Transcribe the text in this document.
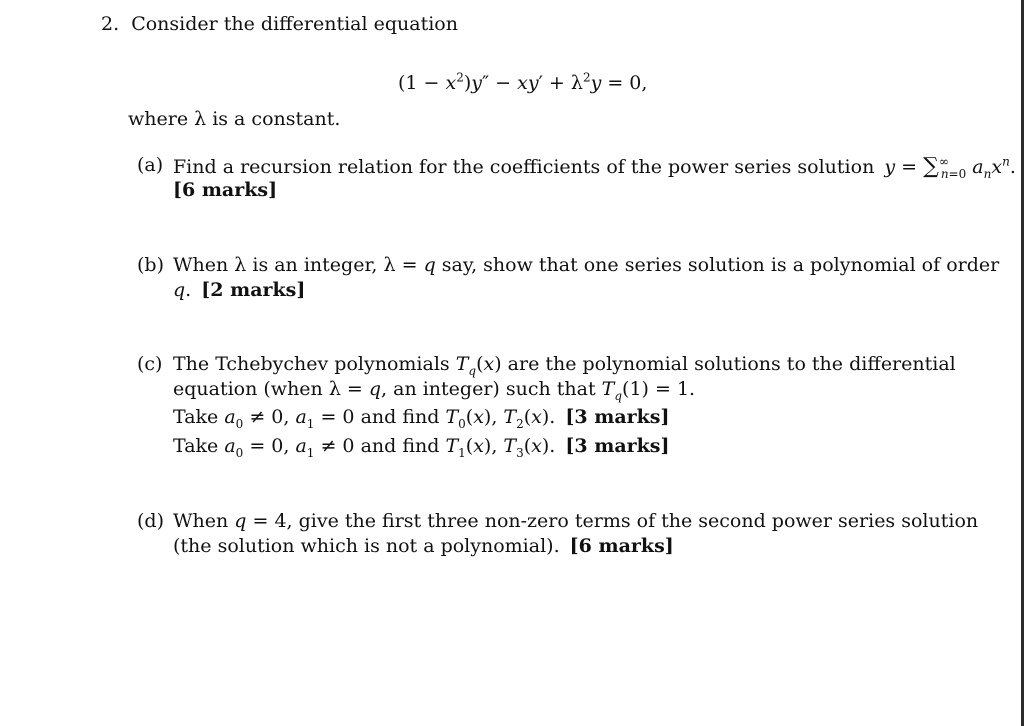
2. Consider the differential equation
$(1 - x^2)y'' - xy' + \lambda^2y = 0$,
where λ is a constant.
(a) Find a recursion relation for the coefficients of the power series solution $y = \sum^\infty_{n=0}$ $a_nx^n$.
[6 marks]
(b) When λ is an integer, λ = q say, show that one series solution is a polynomial of order
q. [2 marks]
(c) The Tchebychev polynomials $T_q(x)$ are the polynomial solutions to the differential
equation (when λ = q, an integer) such that $T_q(1) = 1$.
Take $a_0 \ne 0$, $a_1 = 0$ and find $T_0(x)$, $T_2(x)$. [3 marks]
Take $a_0 = 0$, $a_1 \ne 0$ and find $T_1(x)$, $T_3(x)$. [3 marks]
(d) When q = 4, give the first three non-zero terms of the second power series solution
(the solution which is not a polynomial). [6 marks]
